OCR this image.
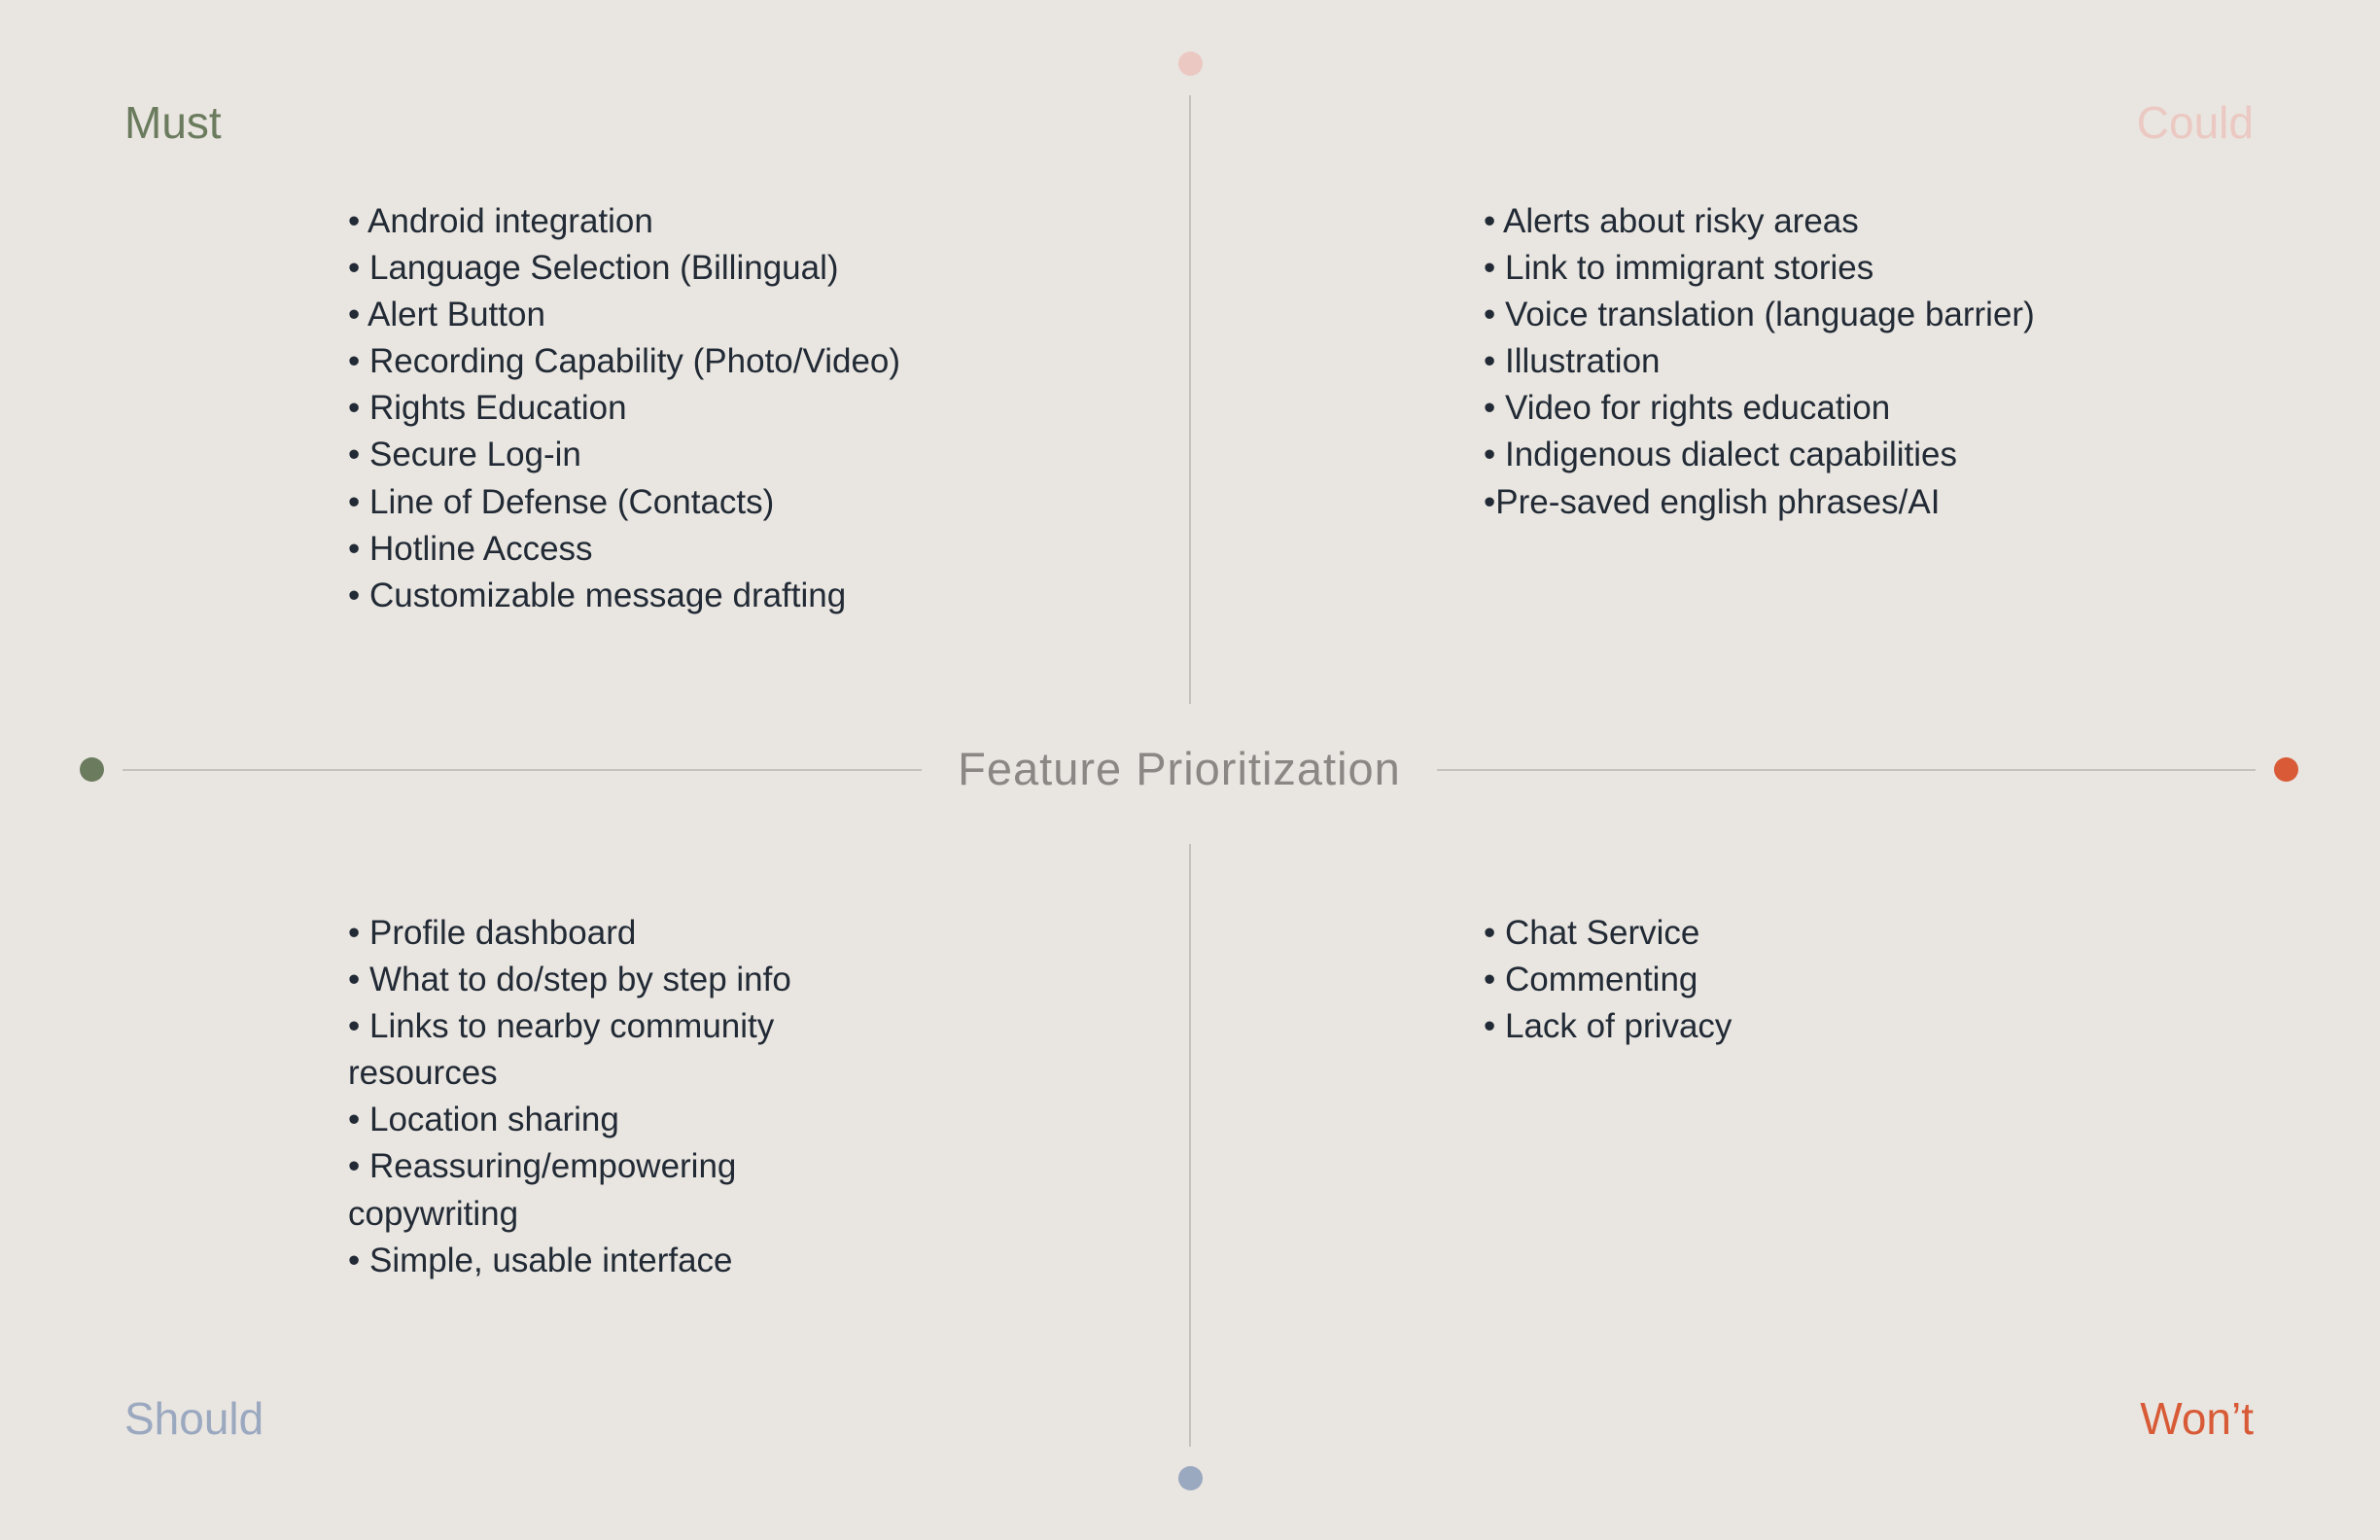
Feature Prioritization
Must	Could
Should	Won’t
• Android integration
• Language Selection (Billingual)
• Alert Button
• Recording Capability (Photo/Video)
• Rights Education
• Secure Log-in
• Line of Defense (Contacts)
• Hotline Access
• Customizable message drafting
• Alerts about risky areas
• Link to immigrant stories
• Voice translation (language barrier)
• Illustration
• Video for rights education
• Indigenous dialect capabilities
•Pre-saved english phrases/AI
• Profile dashboard
• What to do/step by step info
• Links to nearby community resources
• Location sharing
• Reassuring/empowering copywriting
• Simple, usable interface
• Chat Service
• Commenting
• Lack of privacy
